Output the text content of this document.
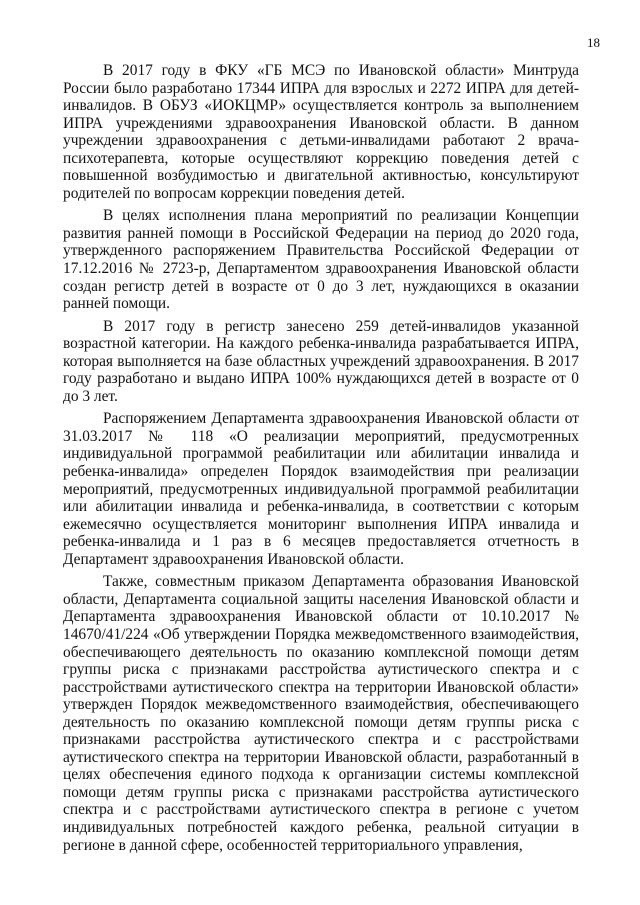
18

В 2017 году в ФКУ «ГБ МСЭ по Ивановской области» Минтруда России было разработано 17344 ИПРА для взрослых и 2272 ИПРА для детей-инвалидов. В ОБУЗ «ИОКЦМР» осуществляется контроль за выполнением ИПРА учреждениями здравоохранения Ивановской области. В данном учреждении здравоохранения с детьми-инвалидами работают 2 врача-психотерапевта, которые осуществляют коррекцию поведения детей с повышенной возбудимостью и двигательной активностью, консультируют родителей по вопросам коррекции поведения детей.

В целях исполнения плана мероприятий по реализации Концепции развития ранней помощи в Российской Федерации на период до 2020 года, утвержденного распоряжением Правительства Российской Федерации от 17.12.2016 № 2723-р, Департаментом здравоохранения Ивановской области создан регистр детей в возрасте от 0 до 3 лет, нуждающихся в оказании ранней помощи.

В 2017 году в регистр занесено 259 детей-инвалидов указанной возрастной категории. На каждого ребенка-инвалида разрабатывается ИПРА, которая выполняется на базе областных учреждений здравоохранения. В 2017 году разработано и выдано ИПРА 100% нуждающихся детей в возрасте от 0 до 3 лет.

Распоряжением Департамента здравоохранения Ивановской области от 31.03.2017 № 118 «О реализации мероприятий, предусмотренных индивидуальной программой реабилитации или абилитации инвалида и ребенка-инвалида» определен Порядок взаимодействия при реализации мероприятий, предусмотренных индивидуальной программой реабилитации или абилитации инвалида и ребенка-инвалида, в соответствии с которым ежемесячно осуществляется мониторинг выполнения ИПРА инвалида и ребенка-инвалида и 1 раз в 6 месяцев предоставляется отчетность в Департамент здравоохранения Ивановской области.

Также, совместным приказом Департамента образования Ивановской области, Департамента социальной защиты населения Ивановской области и Департамента здравоохранения Ивановской области от 10.10.2017 № 14670/41/224 «Об утверждении Порядка межведомственного взаимодействия, обеспечивающего деятельность по оказанию комплексной помощи детям группы риска с признаками расстройства аутистического спектра и с расстройствами аутистического спектра на территории Ивановской области» утвержден Порядок межведомственного взаимодействия, обеспечивающего деятельность по оказанию комплексной помощи детям группы риска с признаками расстройства аутистического спектра и с расстройствами аутистического спектра на территории Ивановской области, разработанный в целях обеспечения единого подхода к организации системы комплексной помощи детям группы риска с признаками расстройства аутистического спектра и с расстройствами аутистического спектра в регионе с учетом индивидуальных потребностей каждого ребенка, реальной ситуации в регионе в данной сфере, особенностей территориального управления,
